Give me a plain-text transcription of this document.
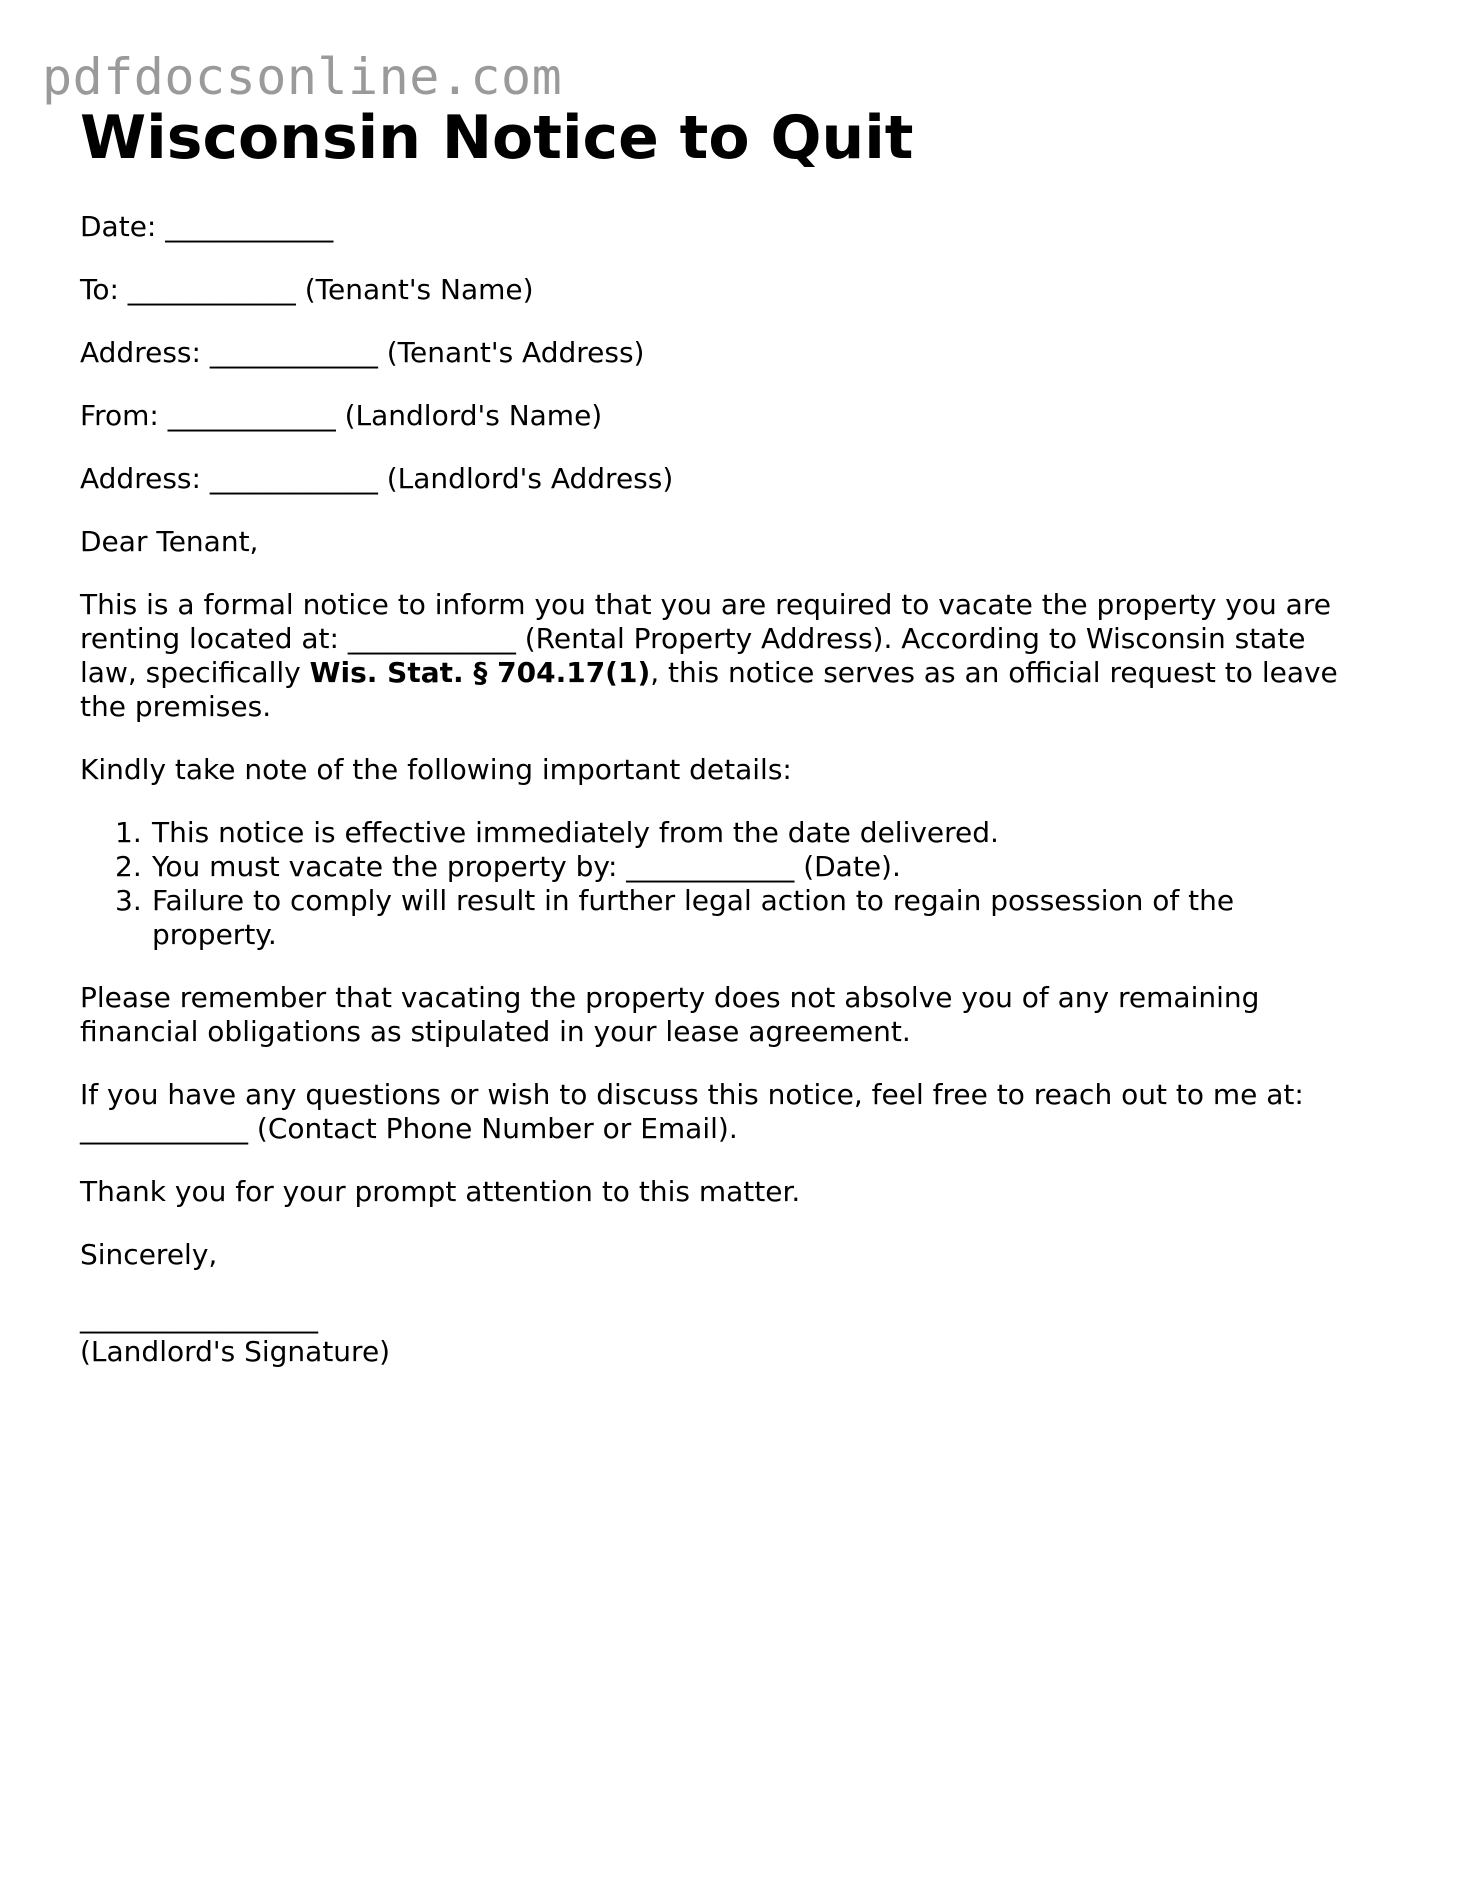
pdfdocsonline.com
Wisconsin Notice to Quit
Date: ____________
To: ____________ (Tenant's Name)
Address: ____________ (Tenant's Address)
From: ____________ (Landlord's Name)
Address: ____________ (Landlord's Address)
Dear Tenant,
This is a formal notice to inform you that you are required to vacate the property you are
renting located at: ____________ (Rental Property Address). According to Wisconsin state
law, specifically Wis. Stat. § 704.17(1), this notice serves as an official request to leave
the premises.
Kindly take note of the following important details:
1. This notice is effective immediately from the date delivered.
2. You must vacate the property by: ____________ (Date).
3. Failure to comply will result in further legal action to regain possession of the
property.
Please remember that vacating the property does not absolve you of any remaining
financial obligations as stipulated in your lease agreement.
If you have any questions or wish to discuss this notice, feel free to reach out to me at:
____________ (Contact Phone Number or Email).
Thank you for your prompt attention to this matter.
Sincerely,
_________________
(Landlord's Signature)
